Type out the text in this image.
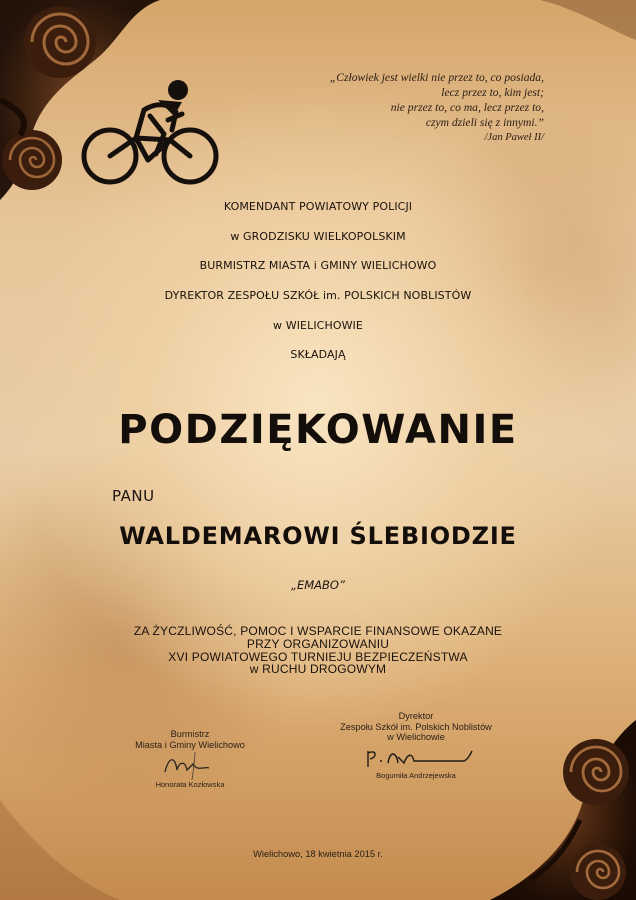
„Człowiek jest wielki nie przez to, co posiada,
lecz przez to, kim jest;
nie przez to, co ma, lecz przez to,
czym dzieli się z innymi.”
/Jan Paweł II/
KOMENDANT POWIATOWY POLICJI
w GRODZISKU WIELKOPOLSKIM
BURMISTRZ MIASTA i GMINY WIELICHOWO
DYREKTOR ZESPOŁU SZKÓŁ im. POLSKICH NOBLISTÓW
w WIELICHOWIE
SKŁADAJĄ
PODZIĘKOWANIE
PANU
WALDEMAROWI ŚLEBIODZIE
„EMABO”
ZA ŻYCZLIWOŚĆ, POMOC I WSPARCIE FINANSOWE OKAZANE
PRZY ORGANIZOWANIU
XVI POWIATOWEGO TURNIEJU BEZPIECZEŃSTWA
w RUCHU DROGOWYM
Burmistrz
Miasta i Gminy Wielichowo
Honorata Kozłowska
Dyrektor
Zespołu Szkół im. Polskich Noblistów
w Wielichowie
Bogumiła Andrzejewska
Wielichowo, 18 kwietnia 2015 r.
